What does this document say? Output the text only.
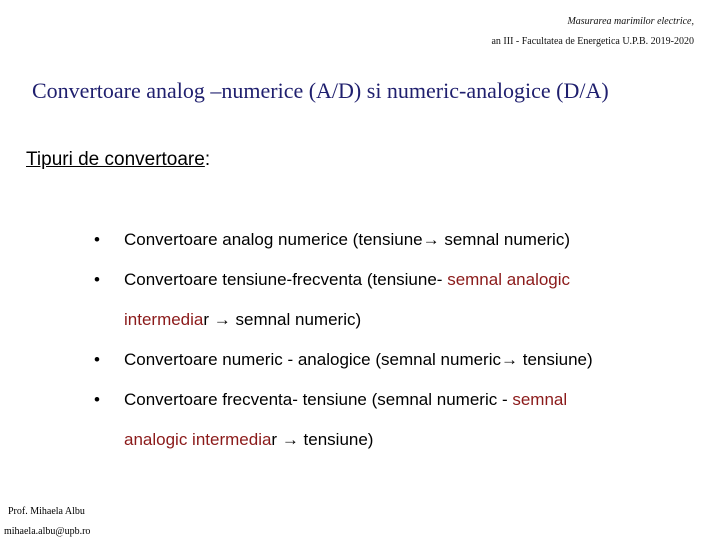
Masurarea marimilor electrice,
an III - Facultatea de Energetica U.P.B. 2019-2020
Convertoare analog –numerice (A/D) si numeric-analogice (D/A)
Tipuri de convertoare:
• Convertoare analog numerice (tensiune→ semnal numeric)
• Convertoare tensiune-frecventa (tensiune- semnal analogic
intermediar → semnal numeric)
• Convertoare numeric - analogice (semnal numeric→ tensiune)
• Convertoare frecventa- tensiune (semnal numeric - semnal
analogic intermediar → tensiune)
Prof. Mihaela Albu
mihaela.albu@upb.ro
